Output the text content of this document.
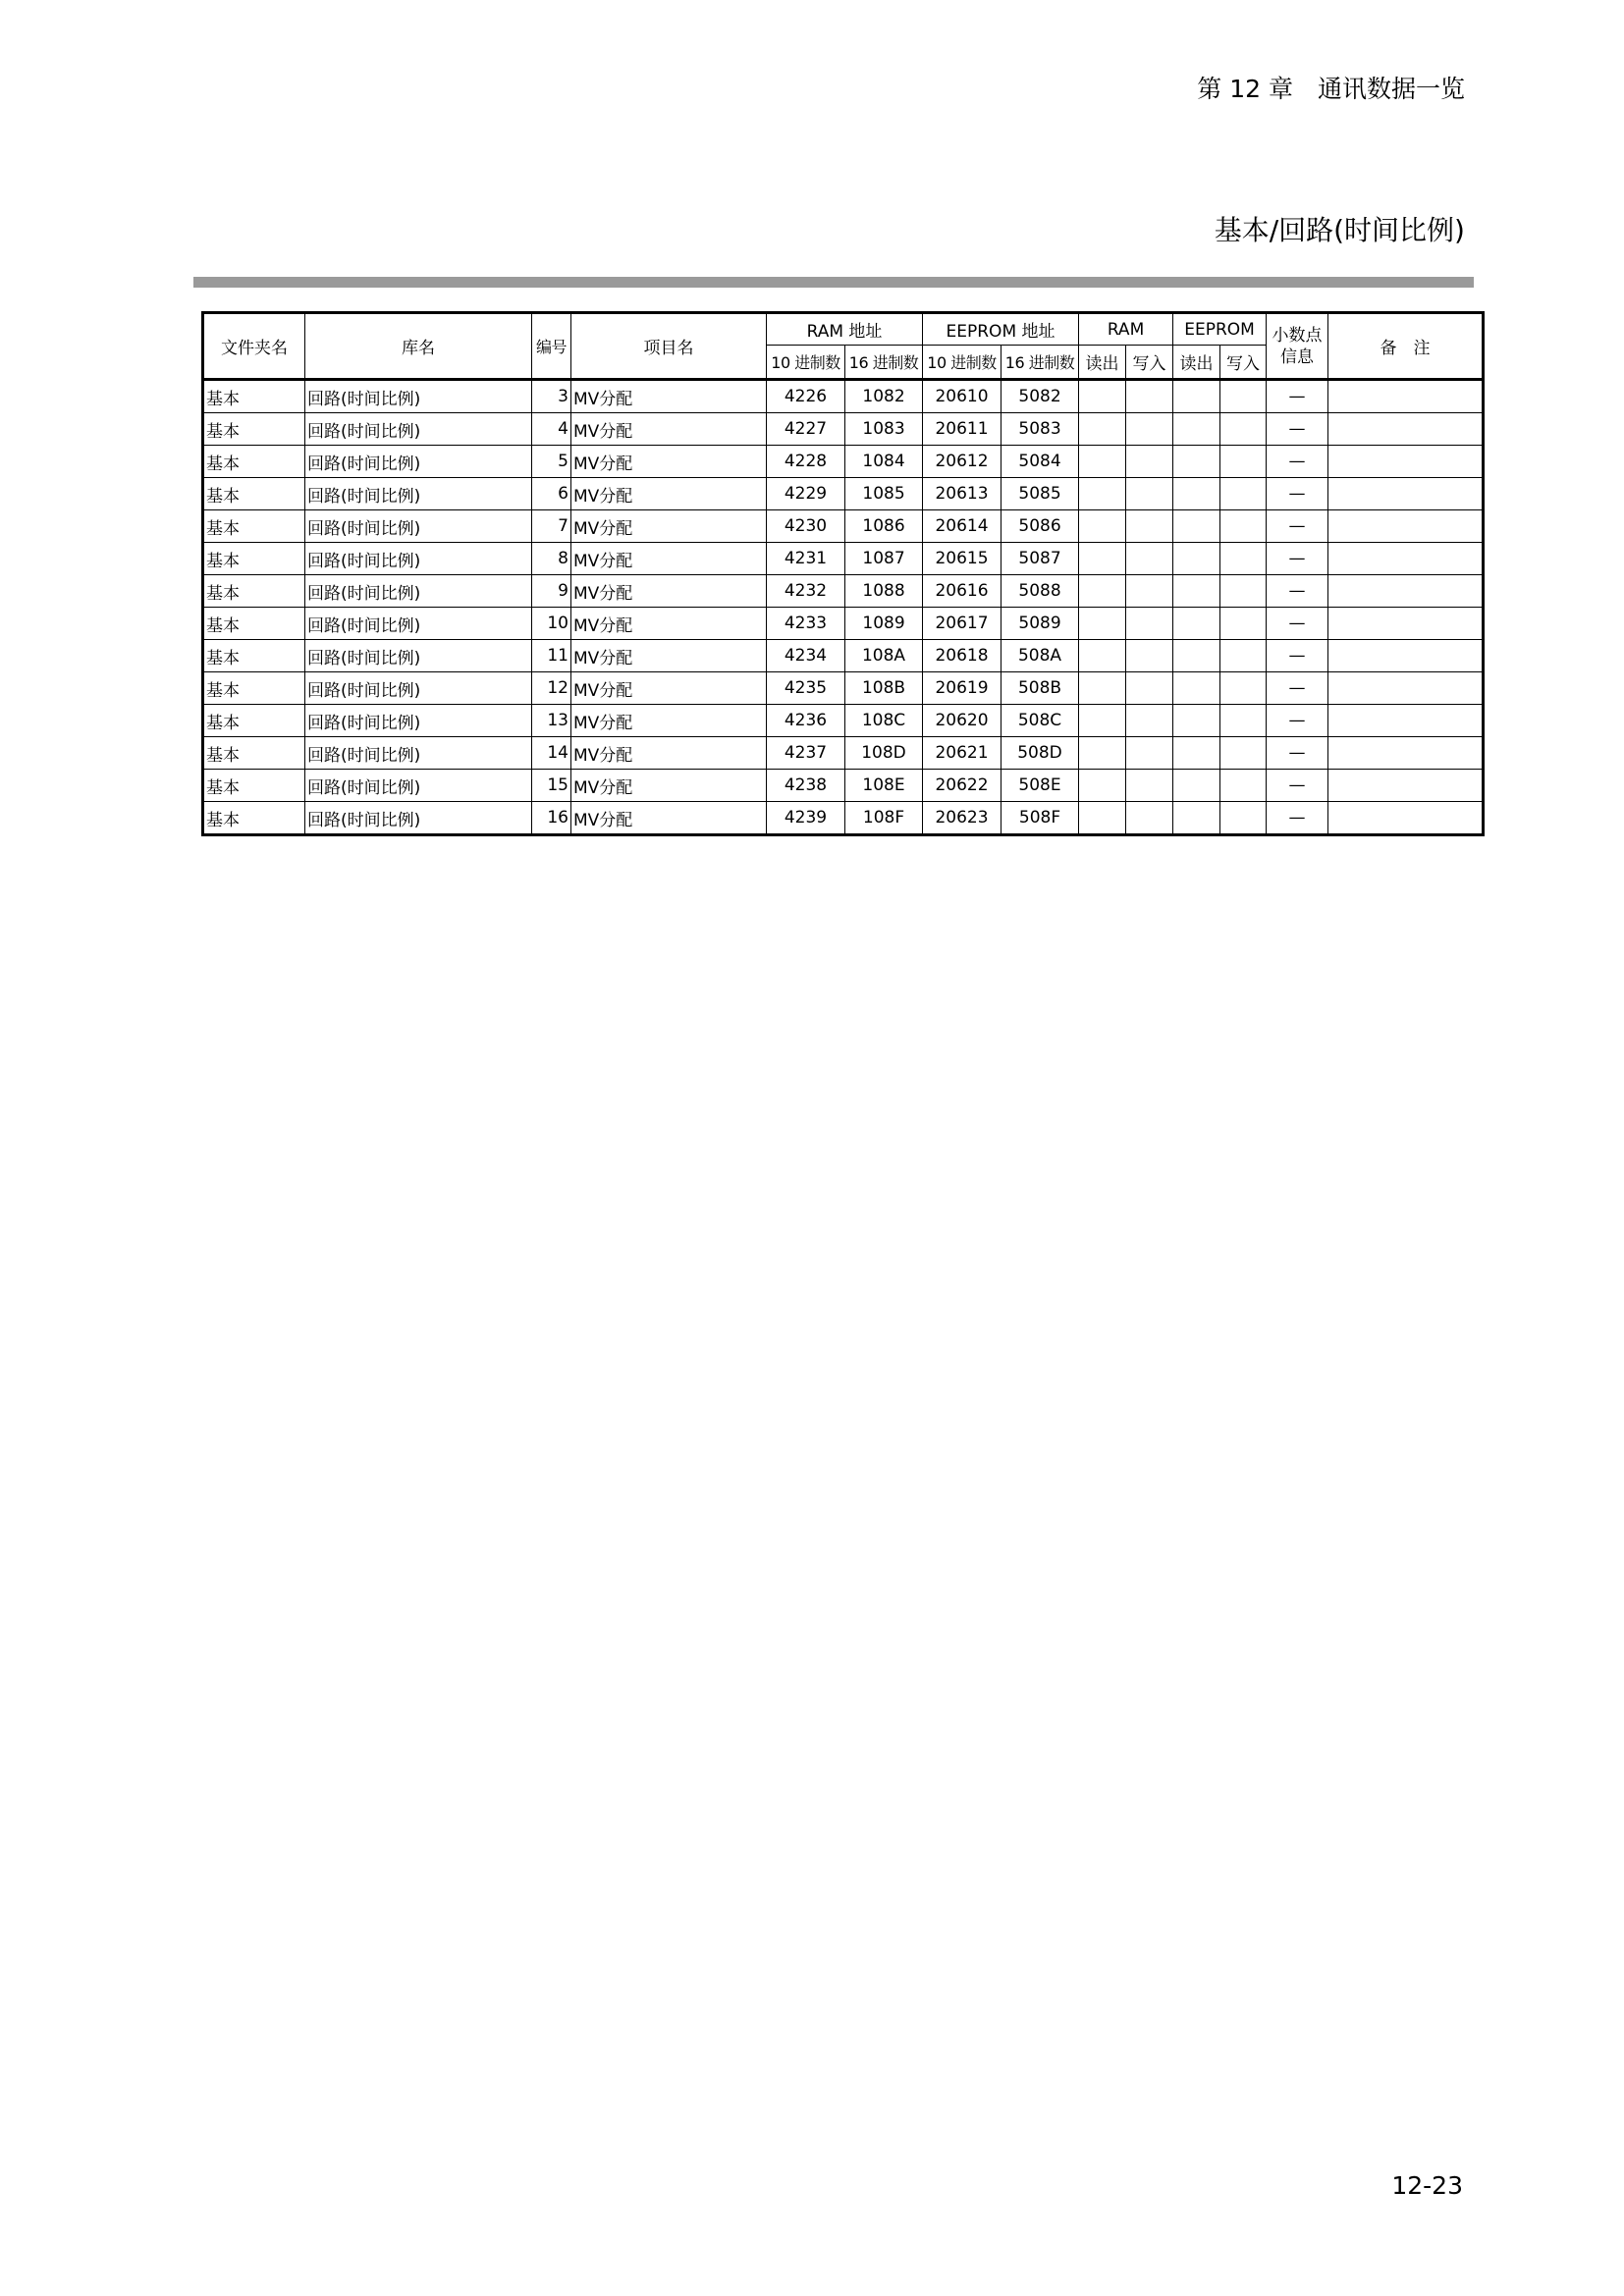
第 12 章　通讯数据一览
基本/回路(时间比例)
文件夹名	库名	编号	项目名	RAM 地址		EEPROM 地址		RAM		EEPROM		小数点信息	备　注
				10 进制数	16 进制数	10 进制数	16 进制数	读出	写入	读出	写入		
基本	回路(时间比例)	3	MV分配	4226	1082	20610	5082					—	
基本	回路(时间比例)	4	MV分配	4227	1083	20611	5083					—	
基本	回路(时间比例)	5	MV分配	4228	1084	20612	5084					—	
基本	回路(时间比例)	6	MV分配	4229	1085	20613	5085					—	
基本	回路(时间比例)	7	MV分配	4230	1086	20614	5086					—	
基本	回路(时间比例)	8	MV分配	4231	1087	20615	5087					—	
基本	回路(时间比例)	9	MV分配	4232	1088	20616	5088					—	
基本	回路(时间比例)	10	MV分配	4233	1089	20617	5089					—	
基本	回路(时间比例)	11	MV分配	4234	108A	20618	508A					—	
基本	回路(时间比例)	12	MV分配	4235	108B	20619	508B					—	
基本	回路(时间比例)	13	MV分配	4236	108C	20620	508C					—	
基本	回路(时间比例)	14	MV分配	4237	108D	20621	508D					—	
基本	回路(时间比例)	15	MV分配	4238	108E	20622	508E					—	
基本	回路(时间比例)	16	MV分配	4239	108F	20623	508F					—	
12-23
